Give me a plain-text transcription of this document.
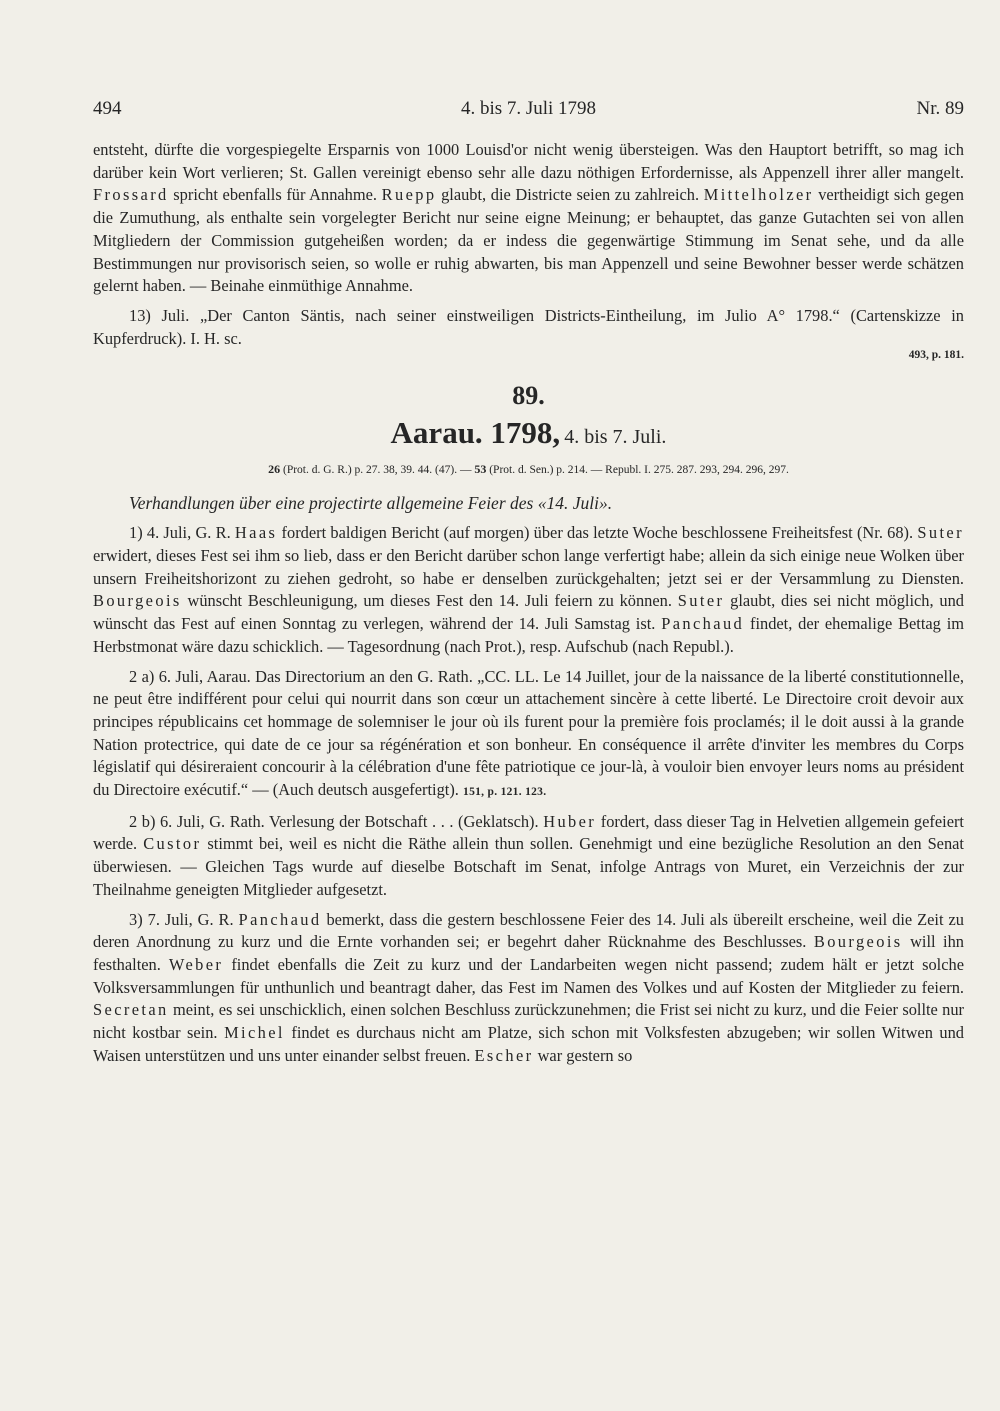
494	4. bis 7. Juli 1798	Nr. 89

entsteht, dürfte die vorgespiegelte Ersparnis von 1000 Louisd'or nicht wenig übersteigen. Was den Hauptort betrifft, so mag ich darüber kein Wort verlieren; St. Gallen vereinigt ebenso sehr alle dazu nöthigen Erfordernisse, als Appenzell ihrer aller mangelt. Frossard spricht ebenfalls für Annahme. Ruepp glaubt, die Districte seien zu zahlreich. Mittelholzer vertheidigt sich gegen die Zumuthung, als enthalte sein vorgelegter Bericht nur seine eigne Meinung; er behauptet, das ganze Gutachten sei von allen Mitgliedern der Commission gutgeheißen worden; da er indess die gegenwärtige Stimmung im Senat sehe, und da alle Bestimmungen nur provisorisch seien, so wolle er ruhig abwarten, bis man Appenzell und seine Bewohner besser werde schätzen gelernt haben. — Beinahe einmüthige Annahme.

13) Juli. „Der Canton Säntis, nach seiner einstweiligen Districts-Eintheilung, im Julio A° 1798.“ (Cartenskizze in Kupferdruck). I. H. sc.

493, p. 181.
89.
Aarau. 1798, 4. bis 7. Juli.
26 (Prot. d. G. R.) p. 27. 38, 39. 44. (47). — 53 (Prot. d. Sen.) p. 214. — Republ. I. 275. 287. 293, 294. 296, 297.
Verhandlungen über eine projectirte allgemeine Feier des «14. Juli».

1) 4. Juli, G. R. Haas fordert baldigen Bericht (auf morgen) über das letzte Woche beschlossene Freiheitsfest (Nr. 68). Suter erwidert, dieses Fest sei ihm so lieb, dass er den Bericht darüber schon lange verfertigt habe; allein da sich einige neue Wolken über unsern Freiheitshorizont zu ziehen gedroht, so habe er denselben zurückgehalten; jetzt sei er der Versammlung zu Diensten. Bourgeois wünscht Beschleunigung, um dieses Fest den 14. Juli feiern zu können. Suter glaubt, dies sei nicht möglich, und wünscht das Fest auf einen Sonntag zu verlegen, während der 14. Juli Samstag ist. Panchaud findet, der ehemalige Bettag im Herbstmonat wäre dazu schicklich. — Tagesordnung (nach Prot.), resp. Aufschub (nach Republ.).

2 a) 6. Juli, Aarau. Das Directorium an den G. Rath. „CC. LL. Le 14 Juillet, jour de la naissance de la liberté constitutionnelle, ne peut être indifférent pour celui qui nourrit dans son cœur un attachement sincère à cette liberté. Le Directoire croit devoir aux principes républicains cet hommage de solemniser le jour où ils furent pour la première fois proclamés; il le doit aussi à la grande Nation protectrice, qui date de ce jour sa régénération et son bonheur. En conséquence il arrête d'inviter les membres du Corps législatif qui désireraient concourir à la célébration d'une fête patriotique ce jour-là, à vouloir bien envoyer leurs noms au président du Directoire exécutif.“ — (Auch deutsch ausgefertigt). 151, p. 121. 123.

2 b) 6. Juli, G. Rath. Verlesung der Botschaft . . . (Geklatsch). Huber fordert, dass dieser Tag in Helvetien allgemein gefeiert werde. Custor stimmt bei, weil es nicht die Räthe allein thun sollen. Genehmigt und eine bezügliche Resolution an den Senat überwiesen. — Gleichen Tags wurde auf dieselbe Botschaft im Senat, infolge Antrags von Muret, ein Verzeichnis der zur Theilnahme geneigten Mitglieder aufgesetzt.

3) 7. Juli, G. R. Panchaud bemerkt, dass die gestern beschlossene Feier des 14. Juli als übereilt erscheine, weil die Zeit zu deren Anordnung zu kurz und die Ernte vorhanden sei; er begehrt daher Rücknahme des Beschlusses. Bourgeois will ihn festhalten. Weber findet ebenfalls die Zeit zu kurz und der Landarbeiten wegen nicht passend; zudem hält er jetzt solche Volksversammlungen für unthunlich und beantragt daher, das Fest im Namen des Volkes und auf Kosten der Mitglieder zu feiern. Secretan meint, es sei unschicklich, einen solchen Beschluss zurückzunehmen; die Frist sei nicht zu kurz, und die Feier sollte nur nicht kostbar sein. Michel findet es durchaus nicht am Platze, sich schon mit Volksfesten abzugeben; wir sollen Witwen und Waisen unterstützen und uns unter einander selbst freuen. Escher war gestern so
